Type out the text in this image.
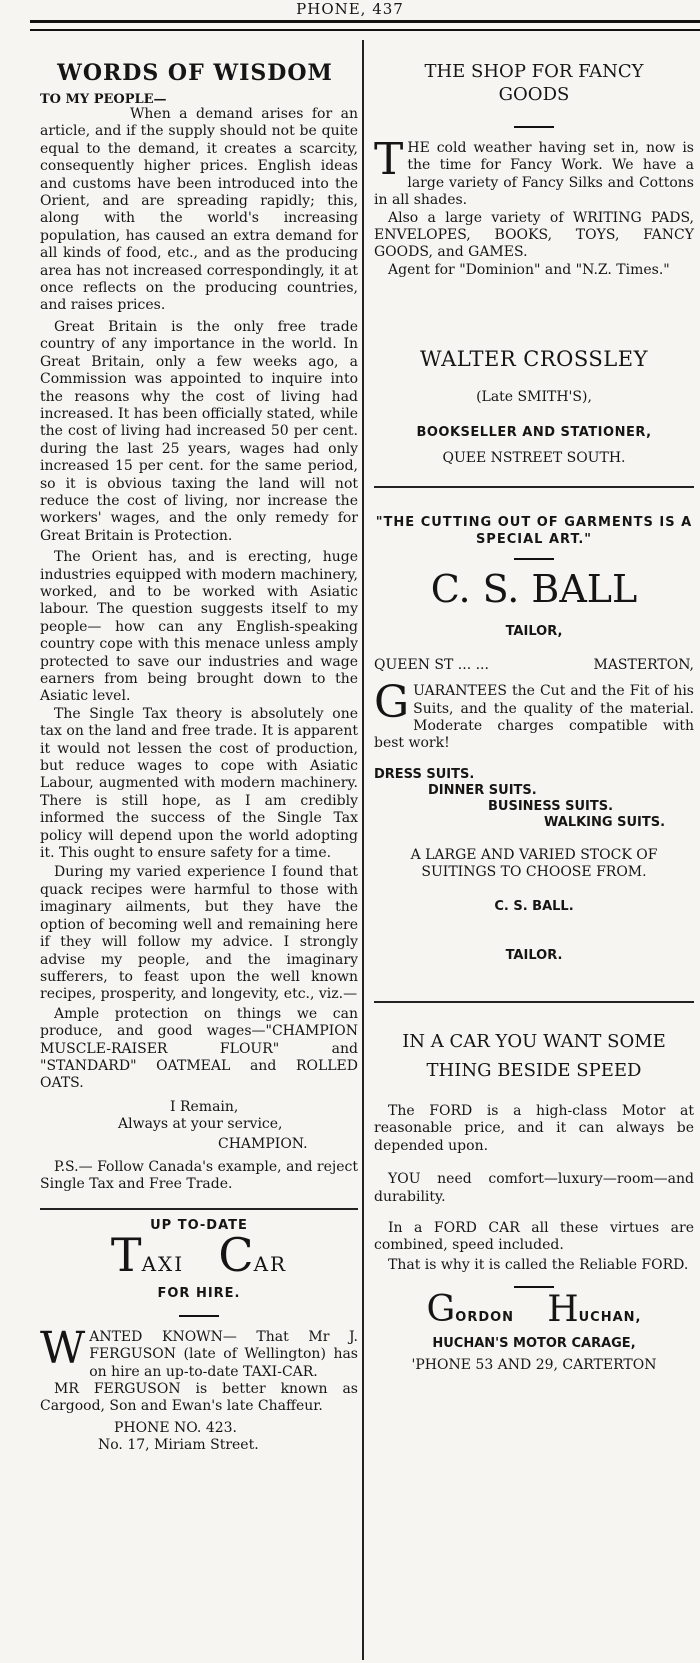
PHONE, 437
WORDS OF WISDOM
TO MY PEOPLE—

When a demand arises for an article, and if the supply should not be quite equal to the demand, it creates a scarcity, consequently higher prices. English ideas and customs have been introduced into the Orient, and are spreading rapidly; this, along with the world's increasing population, has caused an extra demand for all kinds of food, etc., and as the producing area has not increased correspondingly, it at once reflects on the producing countries, and raises prices.

Great Britain is the only free trade country of any importance in the world. In Great Britain, only a few weeks ago, a Commission was appointed to inquire into the reasons why the cost of living had increased. It has been officially stated, while the cost of living had increased 50 per cent. during the last 25 years, wages had only increased 15 per cent. for the same period, so it is obvious taxing the land will not reduce the cost of living, nor increase the workers' wages, and the only remedy for Great Britain is Protection.

The Orient has, and is erecting, huge industries equipped with modern machinery, worked, and to be worked with Asiatic labour. The question suggests itself to my people— how can any English-speaking country cope with this menace unless amply protected to save our industries and wage earners from being brought down to the Asiatic level.

The Single Tax theory is absolutely one tax on the land and free trade. It is apparent it would not lessen the cost of production, but reduce wages to cope with Asiatic Labour, augmented with modern machinery. There is still hope, as I am credibly informed the success of the Single Tax policy will depend upon the world adopting it. This ought to ensure safety for a time.

During my varied experience I found that quack recipes were harmful to those with imaginary ailments, but they have the option of becoming well and remaining here if they will follow my advice. I strongly advise my people, and the imaginary sufferers, to feast upon the well known recipes, prosperity, and longevity, etc., viz.—

Ample protection on things we can produce, and good wages—"CHAMPION MUSCLE-RAISER FLOUR" and "STANDARD" OATMEAL and ROLLED OATS.

I Remain,
Always at your service,
CHAMPION.

P.S.— Follow Canada's example, and reject Single Tax and Free Trade.

UP TO-DATE
TAXI CAR
FOR HIRE.

WANTED KNOWN— That Mr J. FERGUSON (late of Wellington) has on hire an up-to-date TAXI-CAR.

MR FERGUSON is better known as Cargood, Son and Ewan's late Chaffeur.

PHONE NO. 423.
No. 17, Miriam Street.
THE SHOP FOR FANCY GOODS

THE cold weather having set in, now is the time for Fancy Work. We have a large variety of Fancy Silks and Cottons in all shades.

Also a large variety of WRITING PADS, ENVELOPES, BOOKS, TOYS, FANCY GOODS, and GAMES.

Agent for "Dominion" and "N.Z. Times."

WALTER CROSSLEY
(Late SMITH'S),
BOOKSELLER AND STATIONER,
QUEE NSTREET SOUTH.
"THE CUTTING OUT OF GARMENTS IS A SPECIAL ART."
C. S. BALL
TAILOR,
QUEEN ST ... ...	MASTERTON,

GUARANTEES the Cut and the Fit of his Suits, and the quality of the material. Moderate charges compatible with best work!

DRESS SUITS.
DINNER SUITS.
BUSINESS SUITS.
WALKING SUITS.
A LARGE AND VARIED STOCK OF SUITINGS TO CHOOSE FROM.
C. S. BALL.
TAILOR.
IN A CAR YOU WANT SOME THING BESIDE SPEED

The FORD is a high-class Motor at reasonable price, and it can always be depended upon.

YOU need comfort—luxury—room—and durability.

In a FORD CAR all these virtues are combined, speed included.

That is why it is called the Reliable FORD.

GORDON HUCHAN,
HUCHAN'S MOTOR CARAGE,
'PHONE 53 AND 29, CARTERTON
